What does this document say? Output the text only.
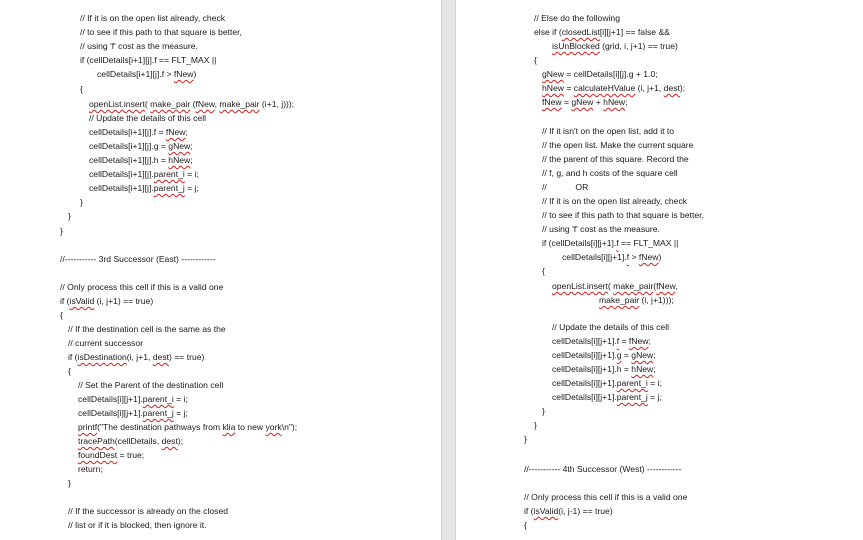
// If it is on the open list already, check
// to see if this path to that square is better,
// using 'f' cost as the measure.
if (cellDetails[i+1][j].f == FLT_MAX ||
cellDetails[i+1][j].f > fNew)
{
openList.insert( make_pair (fNew, make_pair (i+1, j)));
// Update the details of this cell
cellDetails[i+1][j].f = fNew;
cellDetails[i+1][j].g = gNew;
cellDetails[i+1][j].h = hNew;
cellDetails[i+1][j].parent_i = i;
cellDetails[i+1][j].parent_j = j;
}
}
}
//----------- 3rd Successor (East) ------------
// Only process this cell if this is a valid one
if (isValid (i, j+1) == true)
{
// If the destination cell is the same as the
// current successor
if (isDestination(i, j+1, dest) == true)
{
// Set the Parent of the destination cell
cellDetails[i][j+1].parent_i = i;
cellDetails[i][j+1].parent_j = j;
printf("The destination pathways from klia to new york\n");
tracePath(cellDetails, dest);
foundDest = true;
return;
}
// If the successor is already on the closed
// list or if it is blocked, then ignore it.
// Else do the following
else if (closedList[i][j+1] == false &&
isUnBlocked (grid, i, j+1) == true)
{
gNew = cellDetails[i][j].g + 1.0;
hNew = calculateHValue (i, j+1, dest);
fNew = gNew + hNew;
// If it isn't on the open list, add it to
// the open list. Make the current square
// the parent of this square. Record the
// f, g, and h costs of the square cell
//            OR
// If it is on the open list already, check
// to see if this path to that square is better,
// using 'f' cost as the measure.
if (cellDetails[i][j+1].f == FLT_MAX ||
cellDetails[i][j+1].f > fNew)
{
openList.insert( make_pair(fNew,
make_pair (i, j+1)));
// Update the details of this cell
cellDetails[i][j+1].f = fNew;
cellDetails[i][j+1].g = gNew;
cellDetails[i][j+1].h = hNew;
cellDetails[i][j+1].parent_i = i;
cellDetails[i][j+1].parent_j = j;
}
}
}
//----------- 4th Successor (West) ------------
// Only process this cell if this is a valid one
if (isValid(i, j-1) == true)
{
